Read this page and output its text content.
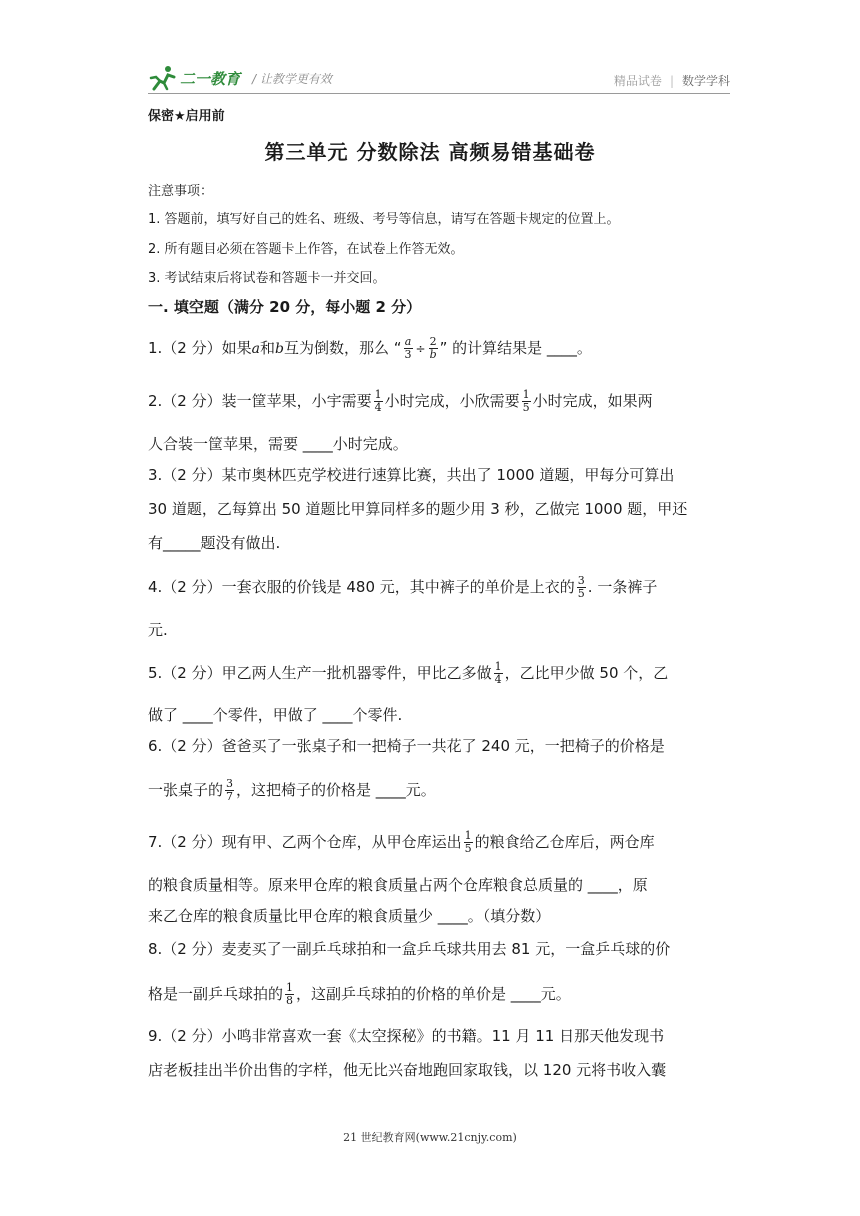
二一教育 / 让教学更有效	精品试卷 | 数学学科
保密★启用前
第三单元 分数除法 高频易错基础卷
注意事项：
1. 答题前，填写好自己的姓名、班级、考号等信息，请写在答题卡规定的位置上。
2. 所有题目必须在答题卡上作答，在试卷上作答无效。
3. 考试结束后将试卷和答题卡一并交回。
一. 填空题（满分 20 分，每小题 2 分）
1.（2 分）如果a和b互为倒数，那么 “ $\frac{a}{3} \div \frac{2}{b}$ ” 的计算结果是 ____。
2.（2 分）装一筐苹果，小宇需要 $\frac{1}{4}$ 小时完成，小欣需要 $\frac{1}{5}$ 小时完成，如果两
人合装一筐苹果，需要 ____小时完成。
3.（2 分）某市奥林匹克学校进行速算比赛，共出了 1000 道题，甲每分可算出
30 道题，乙每算出 50 道题比甲算同样多的题少用 3 秒，乙做完 1000 题，甲还
有_____题没有做出.
4.（2 分）一套衣服的价钱是 480 元，其中裤子的单价是上衣的 $\frac{3}{5}$ . 一条裤子
元.
5.（2 分）甲乙两人生产一批机器零件，甲比乙多做 $\frac{1}{4}$ ，乙比甲少做 50 个，乙
做了 ____个零件，甲做了 ____个零件.
6.（2 分）爸爸买了一张桌子和一把椅子一共花了 240 元，一把椅子的价格是
一张桌子的 $\frac{3}{7}$ ，这把椅子的价格是 ____元。
7.（2 分）现有甲、乙两个仓库，从甲仓库运出 $\frac{1}{5}$ 的粮食给乙仓库后，两仓库
的粮食质量相等。原来甲仓库的粮食质量占两个仓库粮食总质量的 ____，原
来乙仓库的粮食质量比甲仓库的粮食质量少 ____。（填分数）
8.（2 分）麦麦买了一副乒乓球拍和一盒乒乓球共用去 81 元，一盒乒乓球的价
格是一副乒乓球拍的 $\frac{1}{8}$ ，这副乒乓球拍的价格的单价是 ____元。
9.（2 分）小鸣非常喜欢一套《太空探秘》的书籍。11 月 11 日那天他发现书
店老板挂出半价出售的字样，他无比兴奋地跑回家取钱，以 120 元将书收入囊
21 世纪教育网(www.21cnjy.com)
